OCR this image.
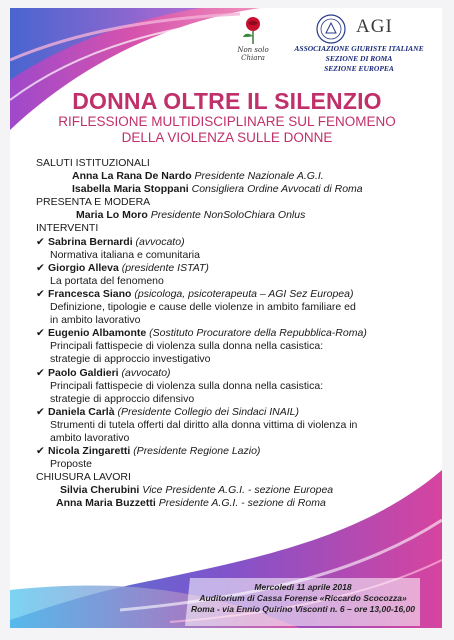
Non solo
Chiara
AGI
ASSOCIAZIONE GIURISTE ITALIANE
SEZIONE DI ROMA
SEZIONE EUROPEA
DONNA OLTRE IL SILENZIO
RIFLESSIONE MULTIDISCIPLINARE SUL FENOMENO
DELLA VIOLENZA SULLE DONNE
SALUTI ISTITUZIONALI
Anna La Rana De Nardo Presidente Nazionale A.G.I.
Isabella Maria Stoppani Consigliera Ordine Avvocati di Roma
PRESENTA E MODERA
Maria Lo Moro Presidente NonSoloChiara Onlus
INTERVENTI
✔ Sabrina Bernardi (avvocato)
Normativa italiana e comunitaria
✔ Giorgio Alleva (presidente ISTAT)
La portata del fenomeno
✔ Francesca Siano (psicologa, psicoterapeuta – AGI Sez Europea)
Definizione, tipologie e cause delle violenze in ambito familiare ed
in ambito lavorativo
✔ Eugenio Albamonte (Sostituto Procuratore della Repubblica-Roma)
Principali fattispecie di violenza sulla donna nella casistica:
strategie di approccio investigativo
✔ Paolo Galdieri (avvocato)
Principali fattispecie di violenza sulla donna nella casistica:
strategie di approccio difensivo
✔ Daniela Carlà (Presidente Collegio dei Sindaci INAIL)
Strumenti di tutela offerti dal diritto alla donna vittima di violenza in
ambito lavorativo
✔ Nicola Zingaretti (Presidente Regione Lazio)
Proposte
CHIUSURA LAVORI
Silvia Cherubini Vice Presidente A.G.I. - sezione Europea
Anna Maria Buzzetti Presidente A.G.I. - sezione di Roma
Mercoledì 11 aprile 2018
Auditorium di Cassa Forense «Riccardo Scocozza»
Roma - via Ennio Quirino Visconti n. 6 – ore 13,00-16,00
